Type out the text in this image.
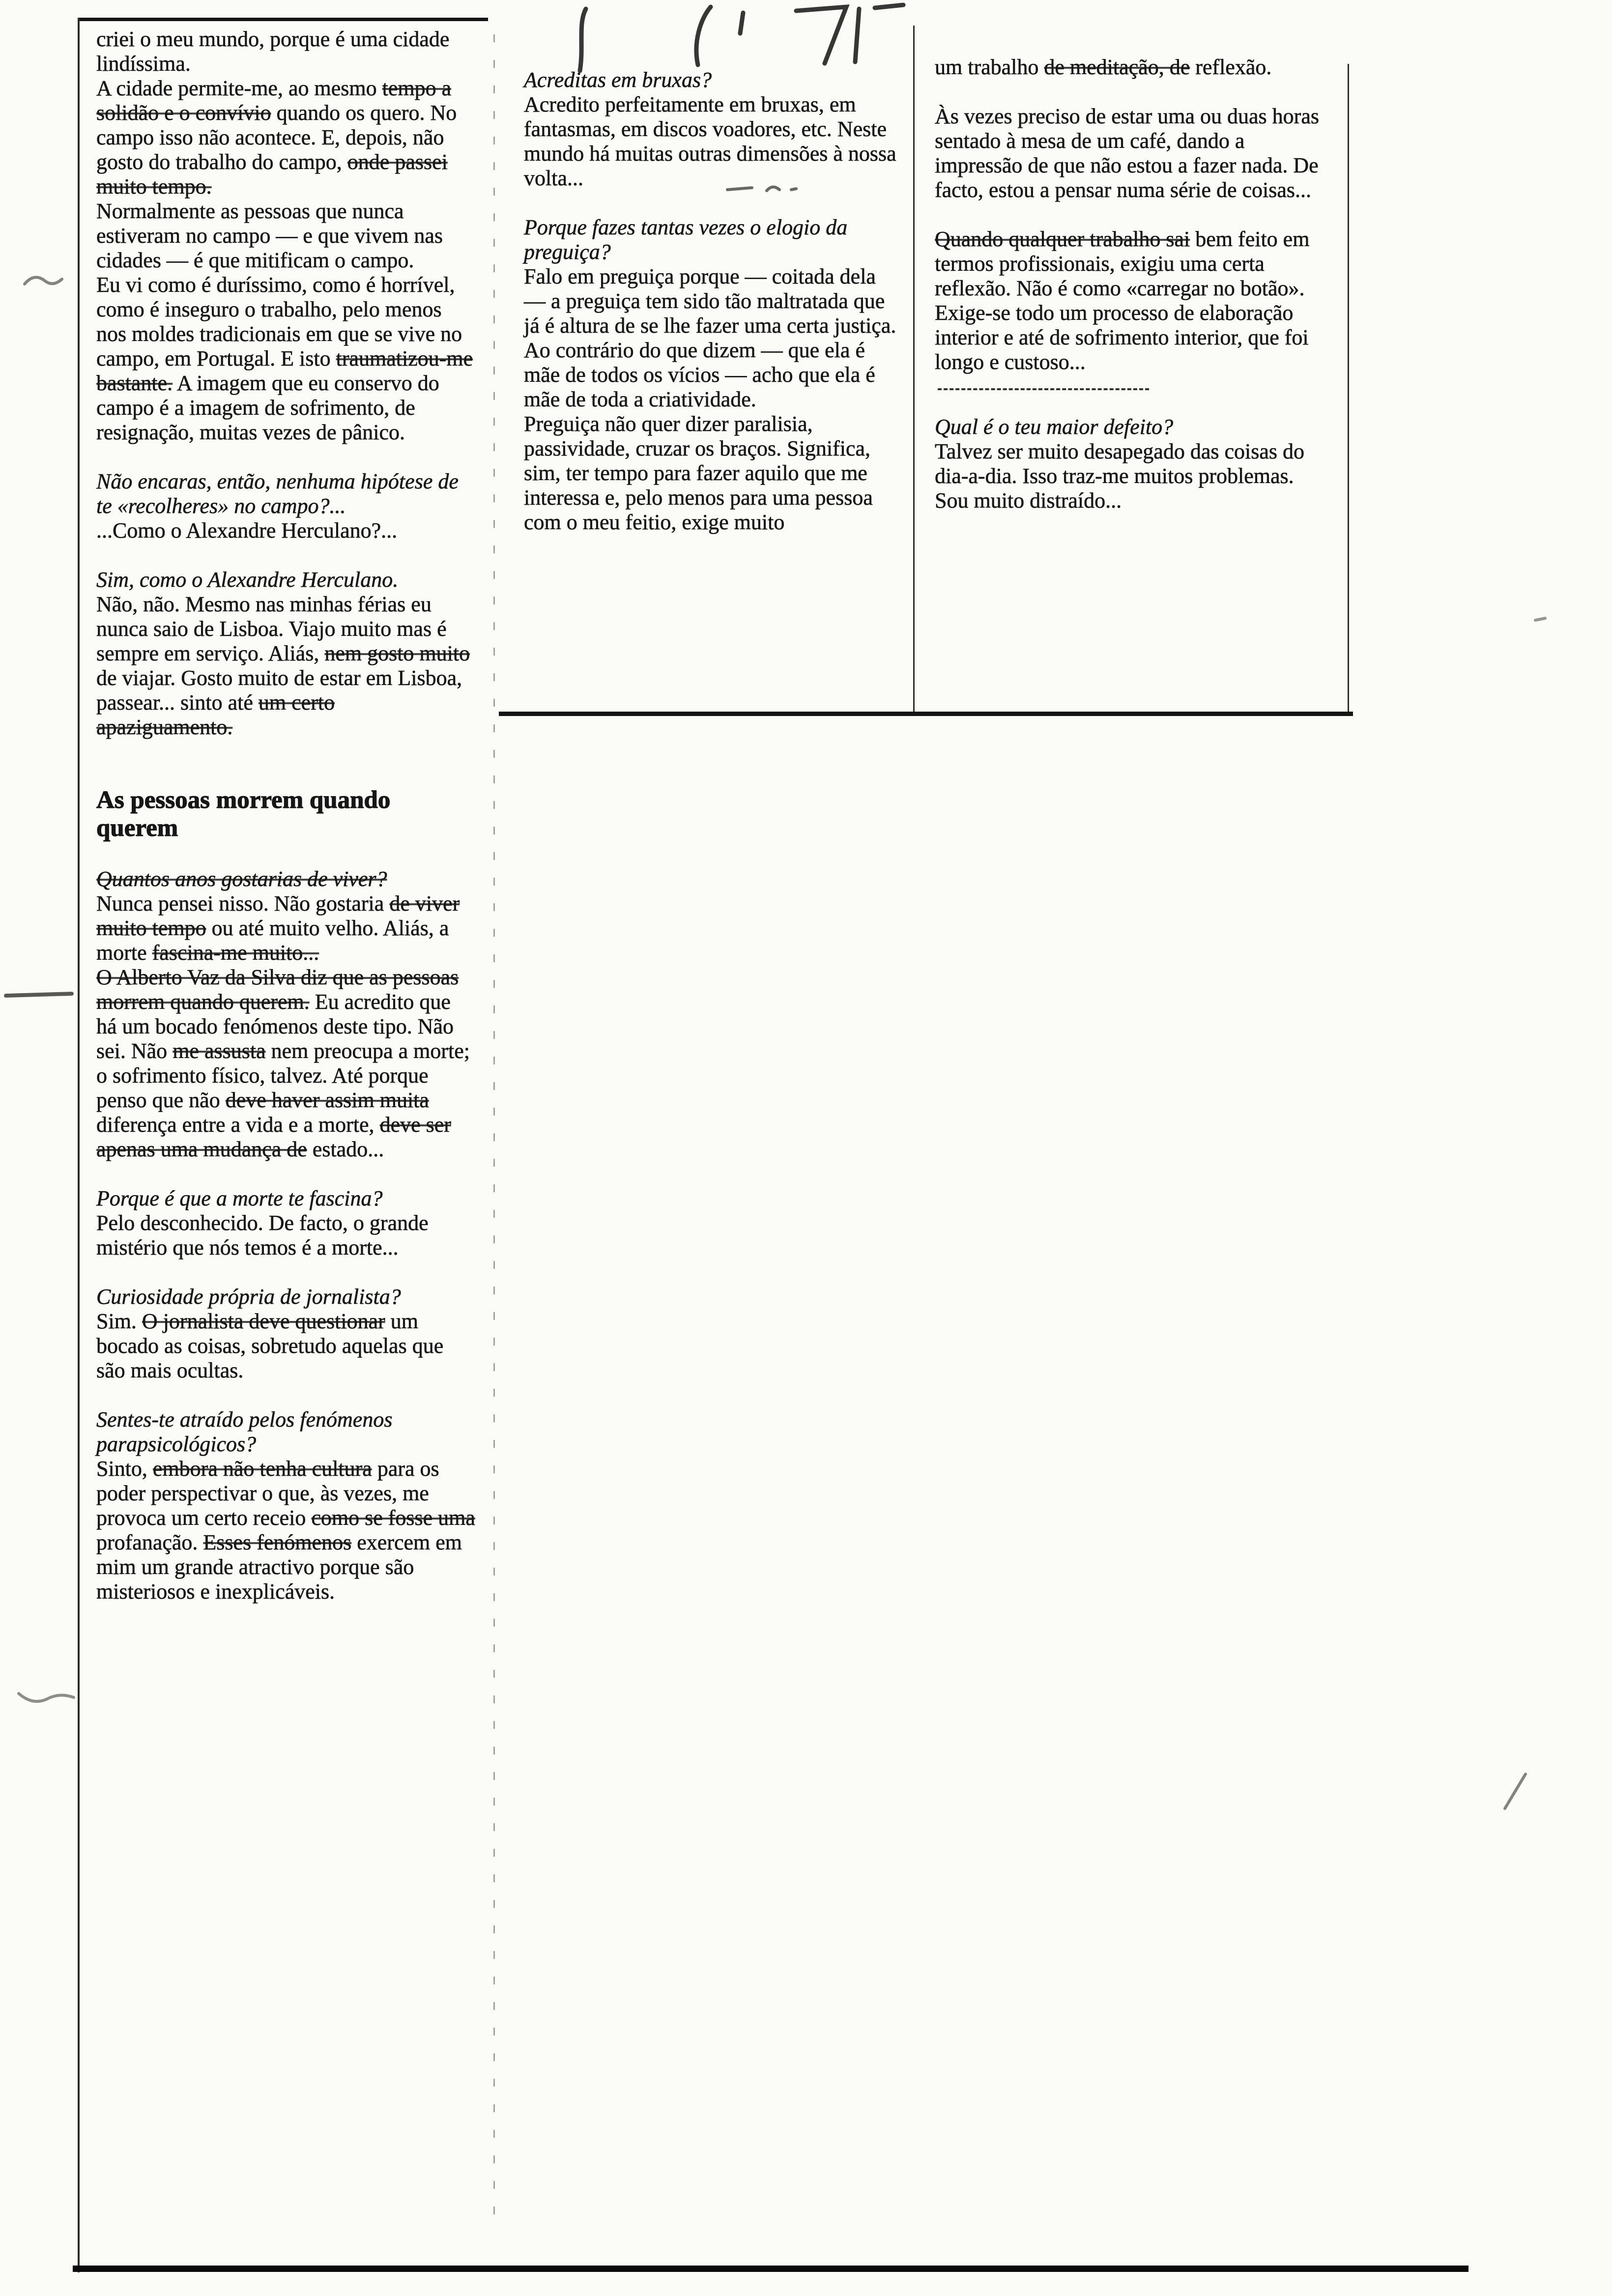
criei o meu mundo, porque é uma cidade lindíssima.

A cidade permite-me, ao mesmo tempo a solidão e o convívio quando os quero. No campo isso não acontece. E, depois, não gosto do trabalho do campo, onde passei muito tempo.

Normalmente as pessoas que nunca estiveram no campo — e que vivem nas cidades — é que mitificam o campo.

Eu vi como é duríssimo, como é horrível, como é inseguro o trabalho, pelo menos nos moldes tradicionais em que se vive no campo, em Portugal. E isto traumatizou-me bastante. A imagem que eu conservo do campo é a imagem de sofrimento, de resignação, muitas vezes de pânico.

Não encaras, então, nenhuma hipótese de te «recolheres» no campo?...

...Como o Alexandre Herculano?...

Sim, como o Alexandre Herculano.

Não, não. Mesmo nas minhas férias eu nunca saio de Lisboa. Viajo muito mas é sempre em serviço. Aliás, nem gosto muito de viajar. Gosto muito de estar em Lisboa, passear... sinto até um certo apaziguamento.

As pessoas morrem quando querem

Quantos anos gostarias de viver?

Nunca pensei nisso. Não gostaria de viver muito tempo ou até muito velho. Aliás, a morte fascina-me muito...

O Alberto Vaz da Silva diz que as pessoas morrem quando querem. Eu acredito que há um bocado fenómenos deste tipo. Não sei. Não me assusta nem preocupa a morte; o sofrimento físico, talvez. Até porque penso que não deve haver assim muita diferença entre a vida e a morte, deve ser apenas uma mudança de estado...

Porque é que a morte te fascina?

Pelo desconhecido. De facto, o grande mistério que nós temos é a morte...

Curiosidade própria de jornalista?

Sim. O jornalista deve questionar um bocado as coisas, sobretudo aquelas que são mais ocultas.

Sentes-te atraído pelos fenómenos parapsicológicos?

Sinto, embora não tenha cultura para os poder perspectivar o que, às vezes, me provoca um certo receio como se fosse uma profanação. Esses fenómenos exercem em mim um grande atractivo porque são misteriosos e inexplicáveis.

Acreditas em bruxas?

Acredito perfeitamente em bruxas, em fantasmas, em discos voadores, etc. Neste mundo há muitas outras dimensões à nossa volta...

Porque fazes tantas vezes o elogio da preguiça?

Falo em preguiça porque — coitada dela — a preguiça tem sido tão maltratada que já é altura de se lhe fazer uma certa justiça. Ao contrário do que dizem — que ela é mãe de todos os vícios — acho que ela é mãe de toda a criatividade.

Preguiça não quer dizer paralisia, passividade, cruzar os braços. Significa, sim, ter tempo para fazer aquilo que me interessa e, pelo menos para uma pessoa com o meu feitio, exige muito

um trabalho de meditação, de reflexão.

Às vezes preciso de estar uma ou duas horas sentado à mesa de um café, dando a impressão de que não estou a fazer nada. De facto, estou a pensar numa série de coisas...

Quando qualquer trabalho sai bem feito em termos profissionais, exigiu uma certa reflexão. Não é como «carregar no botão». Exige-se todo um processo de elaboração interior e até de sofrimento interior, que foi longo e custoso...

Qual é o teu maior defeito?

Talvez ser muito desapegado das coisas do dia-a-dia. Isso traz-me muitos problemas. Sou muito distraído...
